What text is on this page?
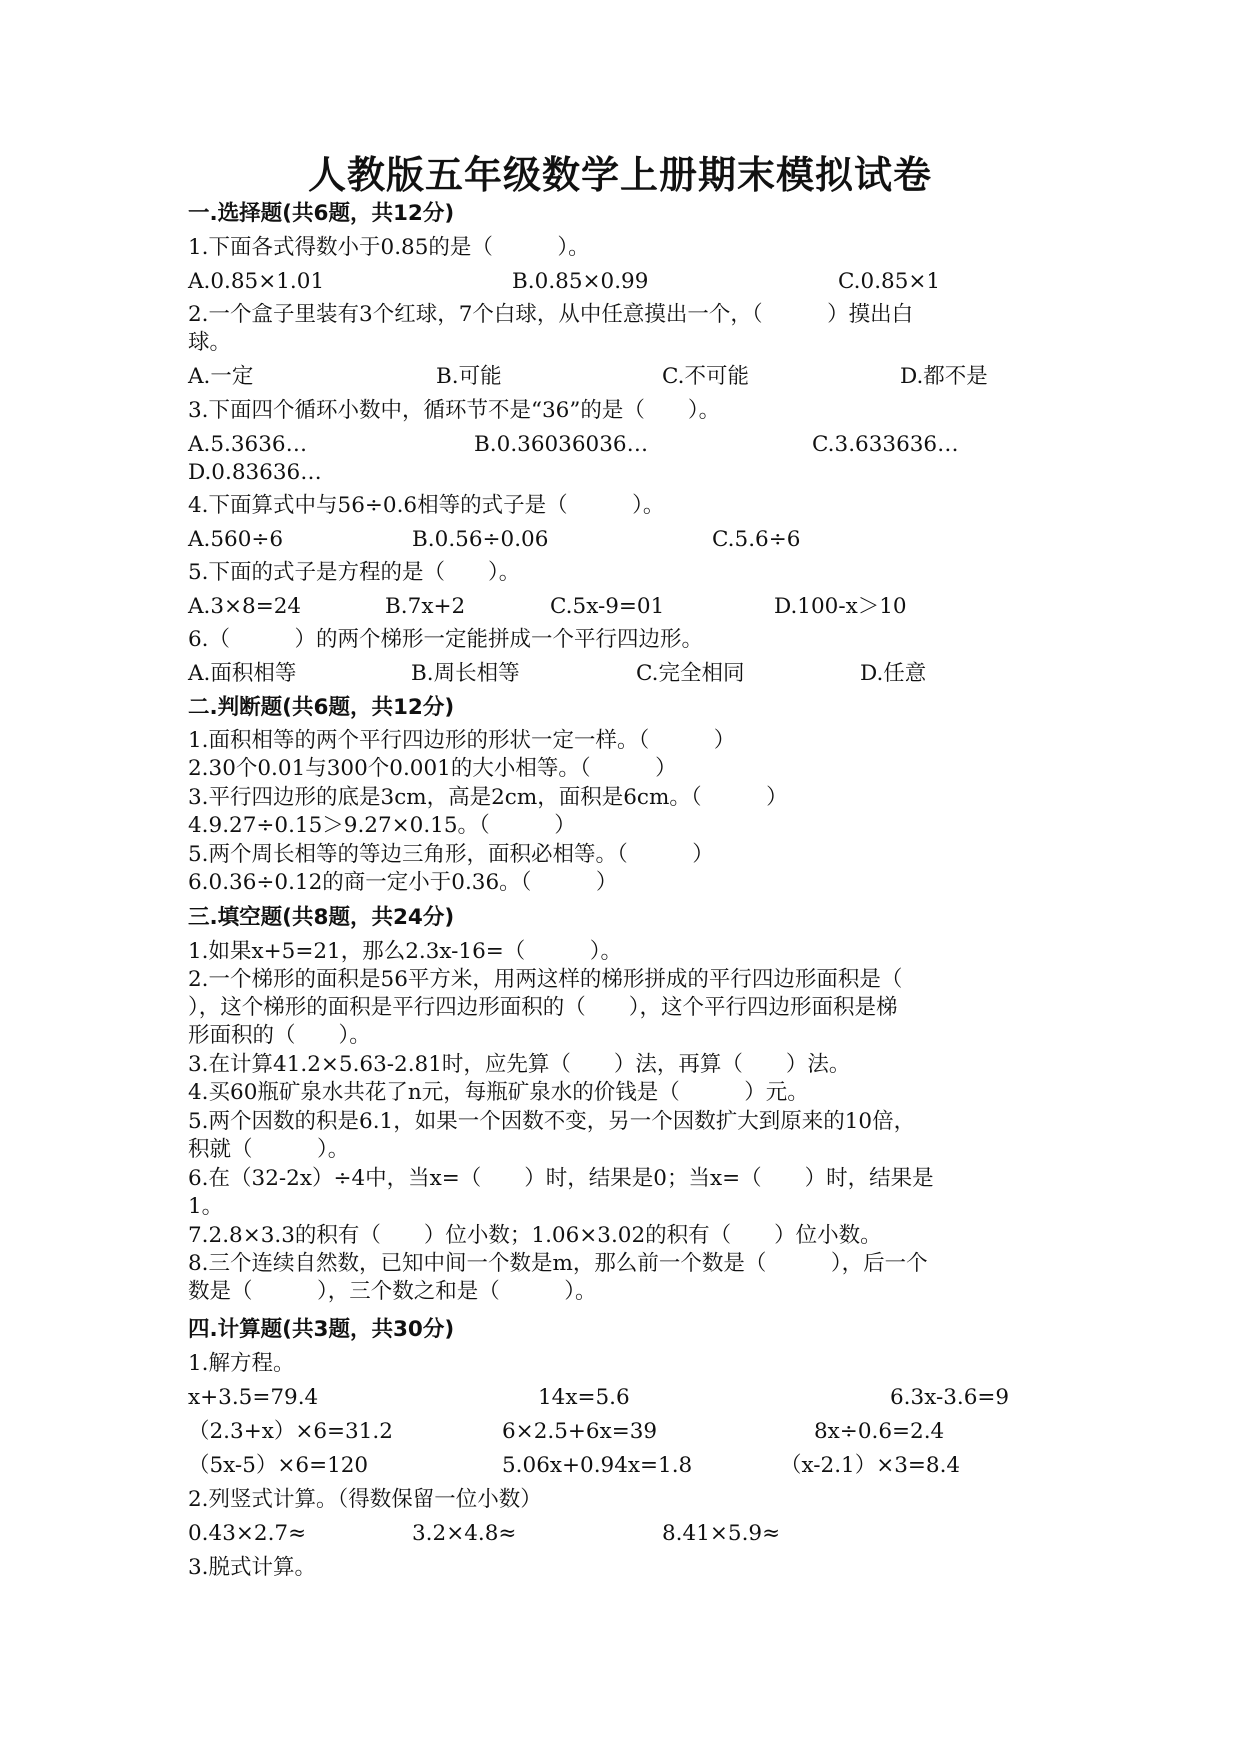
人教版五年级数学上册期末模拟试卷
一.选择题(共6题，共12分)
1.下面各式得数小于0.85的是（　　　）。
A.0.85×1.01	B.0.85×0.99	C.0.85×1
2.一个盒子里装有3个红球，7个白球，从中任意摸出一个，（　　　）摸出白
球。
A.一定	B.可能	C.不可能	D.都不是
3.下面四个循环小数中，循环节不是“36”的是（　　）。
A.5.3636…	B.0.36036036…	C.3.633636…
D.0.83636…
4.下面算式中与56÷0.6相等的式子是（　　　）。
A.560÷6	B.0.56÷0.06	C.5.6÷6
5.下面的式子是方程的是（　　）。
A.3×8=24	B.7x+2	C.5x-9=01	D.100-x＞10
6.（　　　）的两个梯形一定能拼成一个平行四边形。
A.面积相等	B.周长相等	C.完全相同	D.任意
二.判断题(共6题，共12分)
1.面积相等的两个平行四边形的形状一定一样。（　　　）
2.30个0.01与300个0.001的大小相等。（　　　）
3.平行四边形的底是3cm，高是2cm，面积是6cm。（　　　）
4.9.27÷0.15＞9.27×0.15。（　　　）
5.两个周长相等的等边三角形，面积必相等。（　　　）
6.0.36÷0.12的商一定小于0.36。（　　　）
三.填空题(共8题，共24分)
1.如果x+5=21，那么2.3x-16=（　　　）。
2.一个梯形的面积是56平方米，用两这样的梯形拼成的平行四边形面积是（
），这个梯形的面积是平行四边形面积的（　　），这个平行四边形面积是梯
形面积的（　　）。
3.在计算41.2×5.63-2.81时，应先算（　　）法，再算（　　）法。
4.买60瓶矿泉水共花了n元，每瓶矿泉水的价钱是（　　　）元。
5.两个因数的积是6.1，如果一个因数不变，另一个因数扩大到原来的10倍，
积就（　　　）。
6.在（32-2x）÷4中，当x=（　　）时，结果是0；当x=（　　）时，结果是
1。
7.2.8×3.3的积有（　　）位小数；1.06×3.02的积有（　　）位小数。
8.三个连续自然数，已知中间一个数是m，那么前一个数是（　　　），后一个
数是（　　　），三个数之和是（　　　）。
四.计算题(共3题，共30分)
1.解方程。
x+3.5=79.4	14x=5.6	6.3x-3.6=9
（2.3+x）×6=31.2	6×2.5+6x=39	8x÷0.6=2.4
（5x-5）×6=120	5.06x+0.94x=1.8	（x-2.1）×3=8.4
2.列竖式计算。（得数保留一位小数）
0.43×2.7≈	3.2×4.8≈	8.41×5.9≈
3.脱式计算。
